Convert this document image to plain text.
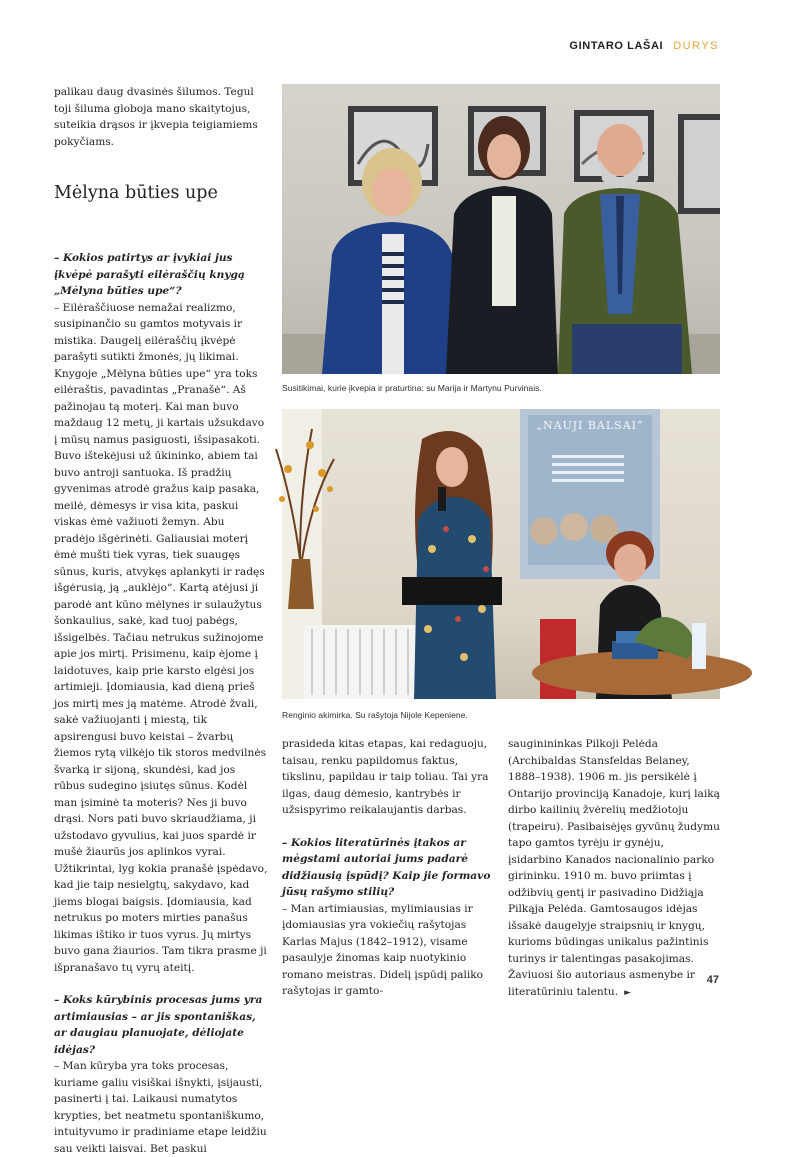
GINTARO LAŠAI DURYS

palikau daug dvasinės šilumos. Tegul toji šiluma globoja mano skaitytojus, suteikia drąsos ir įkvepia teigiamiems pokyčiams.

Mėlyna būties upe

– Kokios patirtys ar įvykiai jus įkvėpė parašyti eilėraščių knygą „Mėlyna būties upe“?

– Eilėraščiuose nemažai realizmo, susipinančio su gamtos motyvais ir mistika. Daugelį eilėraščių įkvėpė parašyti sutikti žmonės, jų likimai. Knygoje „Mėlyna būties upe“ yra toks eilėraštis, pavadintas „Pranašė“. Aš pažinojau tą moterį. Kai man buvo maždaug 12 metų, ji kartais užsukdavo į mūsų namus pasiguosti, išsipasakoti. Buvo ištekėjusi už ūkininko, abiem tai buvo antroji santuoka. Iš pradžių gyvenimas atrodė gražus kaip pasaka, meilė, dėmesys ir visa kita, paskui viskas ėmė važiuoti žemyn. Abu pradėjo išgėrinėti. Galiausiai moterį ėmė mušti tiek vyras, tiek suaugęs sūnus, kuris, atvykęs aplankyti ir radęs išgėrusią, ją „auklėjo“. Kartą atėjusi ji parodė ant kūno mėlynes ir sulaužytus šonkaulius, sakė, kad tuoj pabėgs, išsigelbės. Tačiau netrukus sužinojome apie jos mirtį. Prisimenu, kaip ėjome į laidotuves, kaip prie karsto elgėsi jos artimieji. Įdomiausia, kad dieną prieš jos mirtį mes ją matėme. Atrodė žvali, sakė važiuojanti į miestą, tik apsirengusi buvo keistai – žvarbų žiemos rytą vilkėjo tik storos medvilnės švarką ir sijoną, skundėsi, kad jos rūbus sudegino įsiutęs sūnus. Kodėl man įsiminė ta moteris? Nes ji buvo drąsi. Nors pati buvo skriaudžiama, ji užstodavo gyvulius, kai juos spardė ir mušė žiaurūs jos aplinkos vyrai. Užtikrintai, lyg kokia pranašė įspėdavo, kad jie taip nesielgtų, sakydavo, kad jiems blogai baigsis. Įdomiausia, kad netrukus po moters mirties panašus likimas ištiko ir tuos vyrus. Jų mirtys buvo gana žiaurios. Tam tikra prasme ji išpranašavo tų vyrų ateitį.

– Koks kūrybinis procesas jums yra artimiausias – ar jis spontaniškas, ar daugiau planuojate, dėliojate idėjas?

– Man kūryba yra toks procesas, kuriame galiu visiškai išnykti, įsijausti, pasinerti į tai. Laikausi numatytos krypties, bet neatmetu spontaniškumo, intuityvumo ir pradiniame etape leidžiu sau veikti laisvai. Bet paskui

Susitikimai, kurie įkvepia ir praturtina: su Marija ir Martynu Purvinais.
„NAUJI BALSAI“
Renginio akimirka. Su rašytoja Nijole Kepeniene.

prasideda kitas etapas, kai redaguoju, taisau, renku papildomus faktus, tikslinu, papildau ir taip toliau. Tai yra ilgas, daug dėmesio, kantrybės ir užsispyrimo reikalaujantis darbas.

– Kokios literatūrinės įtakos ar mėgstami autoriai jums padarė didžiausią įspūdį? Kaip jie formavo jūsų rašymo stilių?

– Man artimiausias, mylimiausias ir įdomiausias yra vokiečių rašytojas Karlas Majus (1842–1912), visame pasaulyje žinomas kaip nuotykinio romano meistras. Didelį įspūdį paliko rašytojas ir gamto-

sauginininkas Pilkoji Pelėda (Archibaldas Stansfeldas Belaney, 1888–1938). 1906 m. jis persikėlė į Ontarijo provinciją Kanadoje, kurį laiką dirbo kailinių žvėrelių medžiotoju (trapeiru). Pasibaisėjęs gyvūnų žudymu tapo gamtos tyrėju ir gynėju, įsidarbino Kanados nacionalinio parko girininku. 1910 m. buvo priimtas į odžibvių gentį ir pasivadino Didžiąja Pilkąja Pelėda. Gamtosaugos idėjas išsakė daugelyje straipsnių ir knygų, kurioms būdingas unikalus pažintinis turinys ir talentingas pasakojimas. Žaviuosi šio autoriaus asmenybe ir literatūriniu talentu. ►

47
